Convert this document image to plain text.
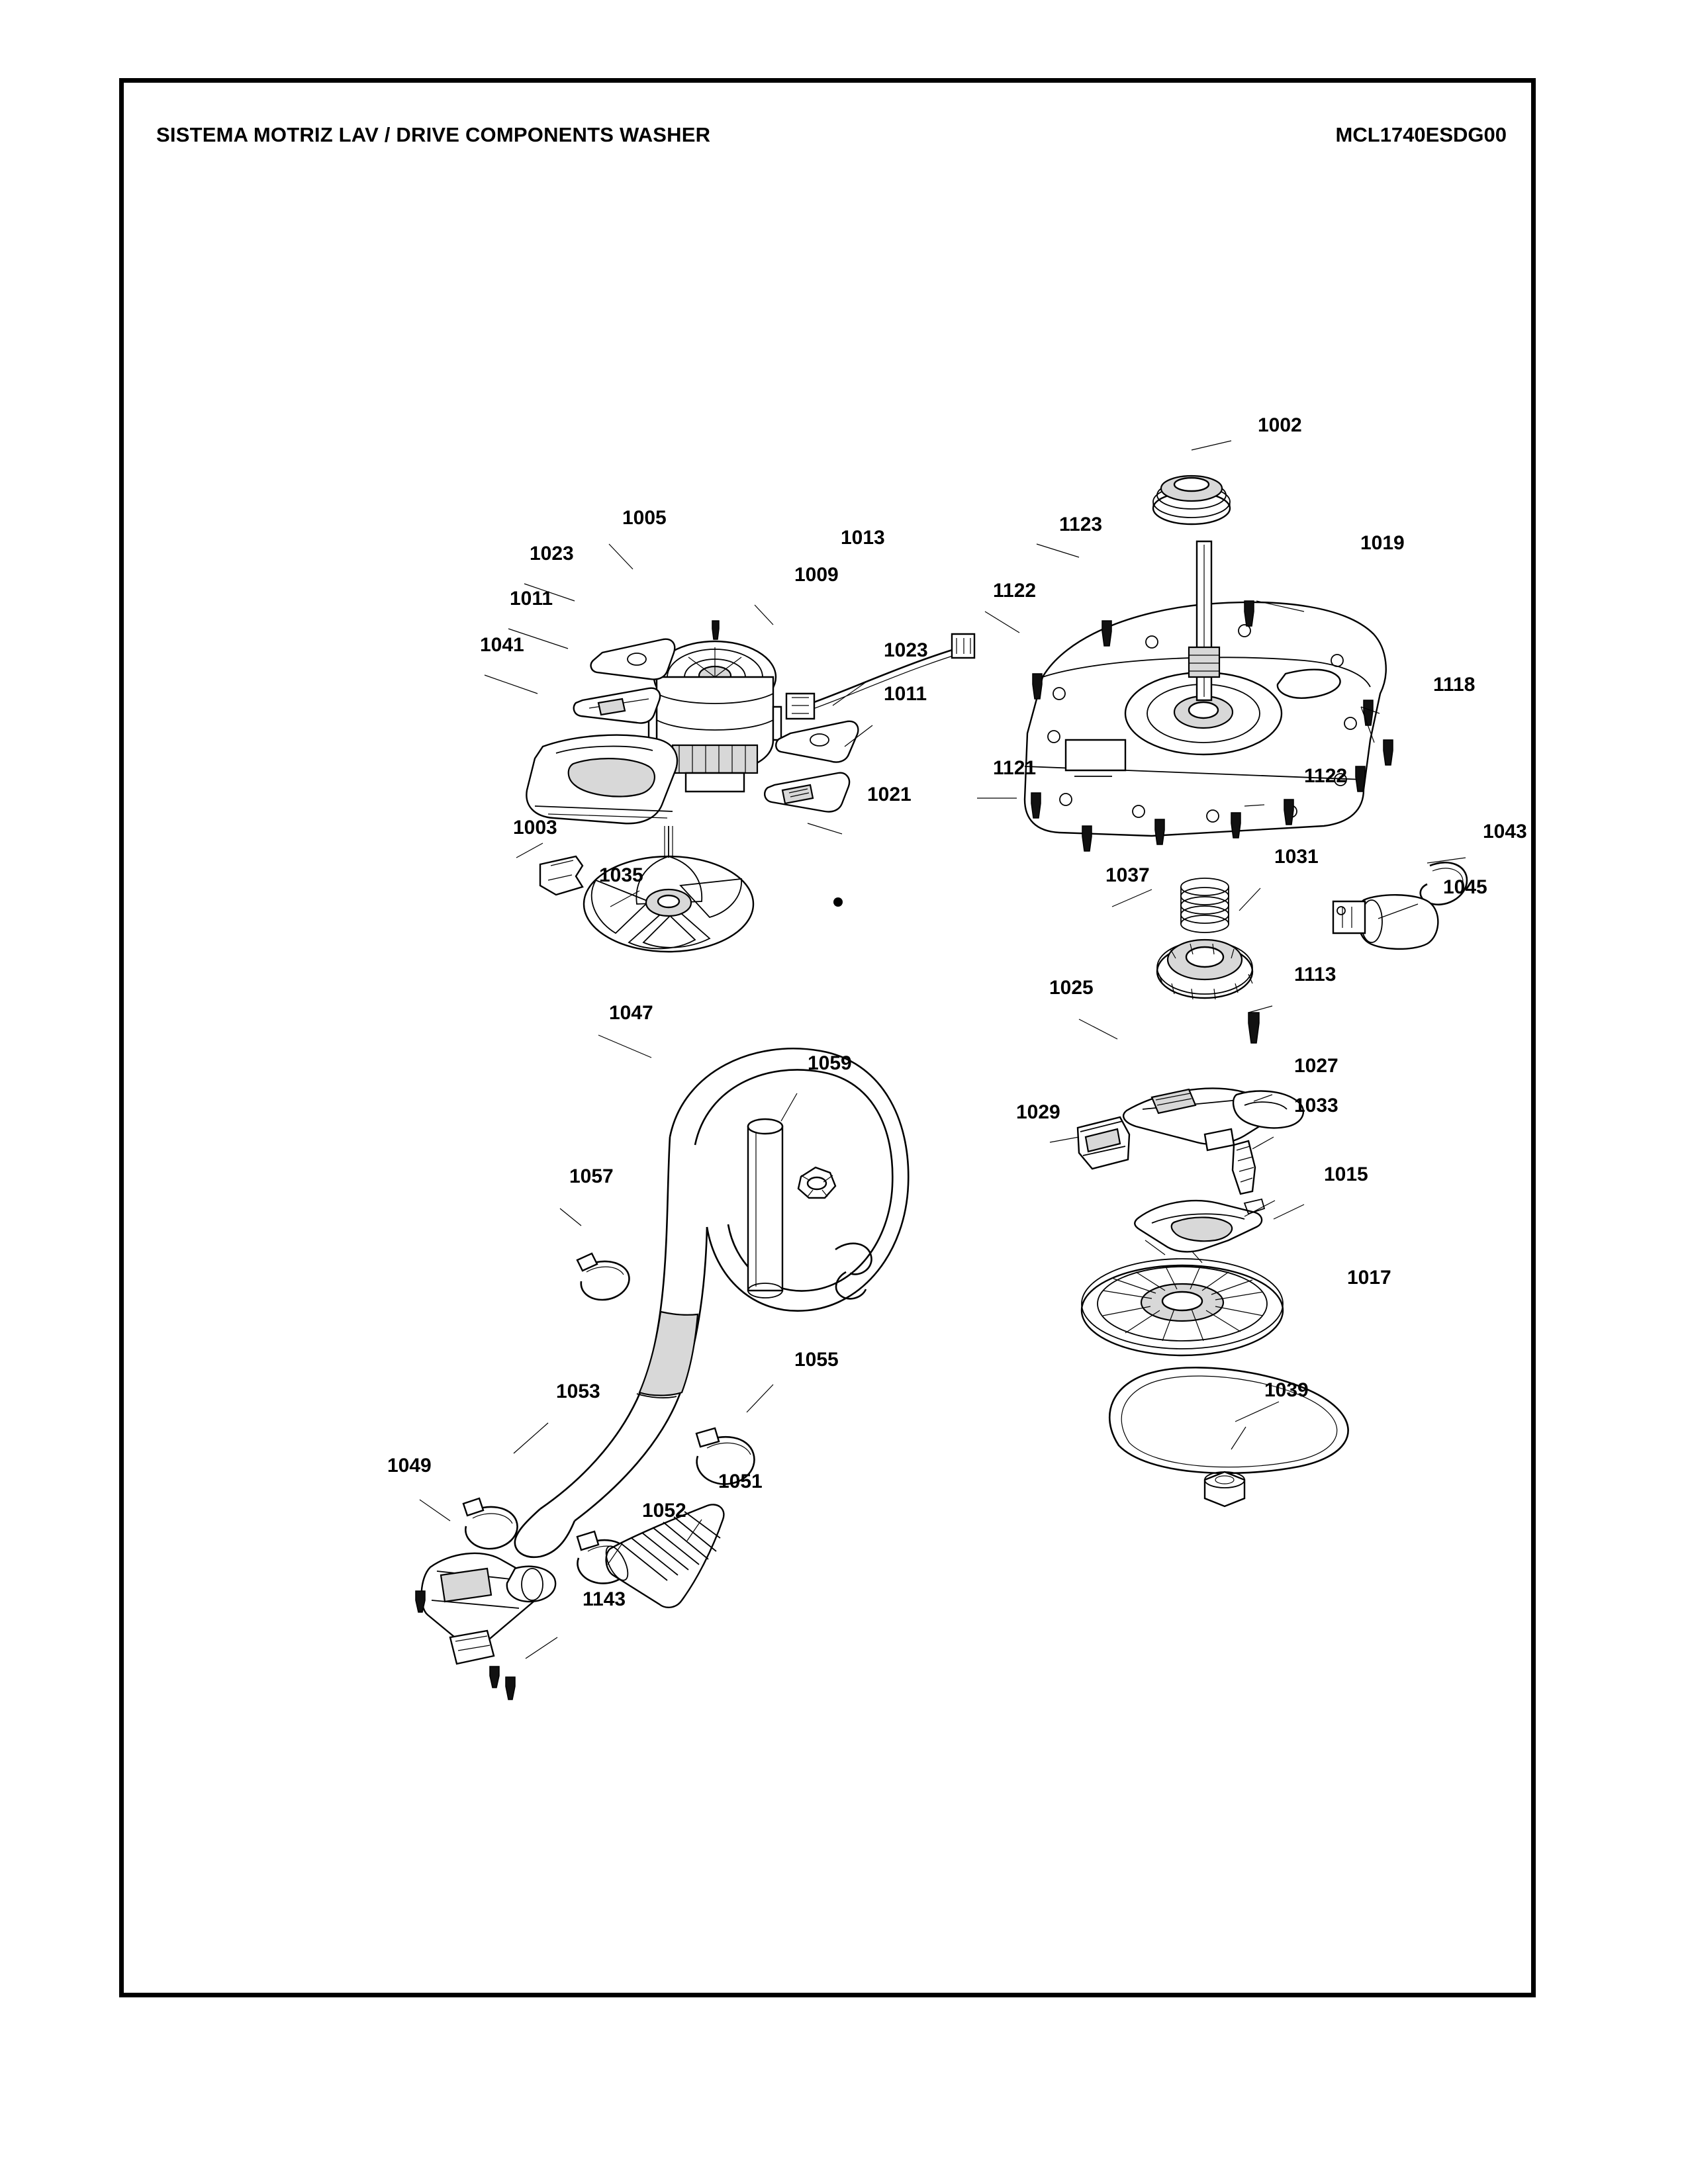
SISTEMA MOTRIZ LAV / DRIVE COMPONENTS WASHER	MCL1740ESDG00
1002
1005
1013
1123
1019
1023
1009
1122
1011
1041	1023
1118
1011
1121	1122
1021
1003	1043
1031
1035	1037
1045
1113
1025
1047
1059	1027
1033
1029
1015
1057
1017
1055
1053	1039
1051
1049
1052
1143
